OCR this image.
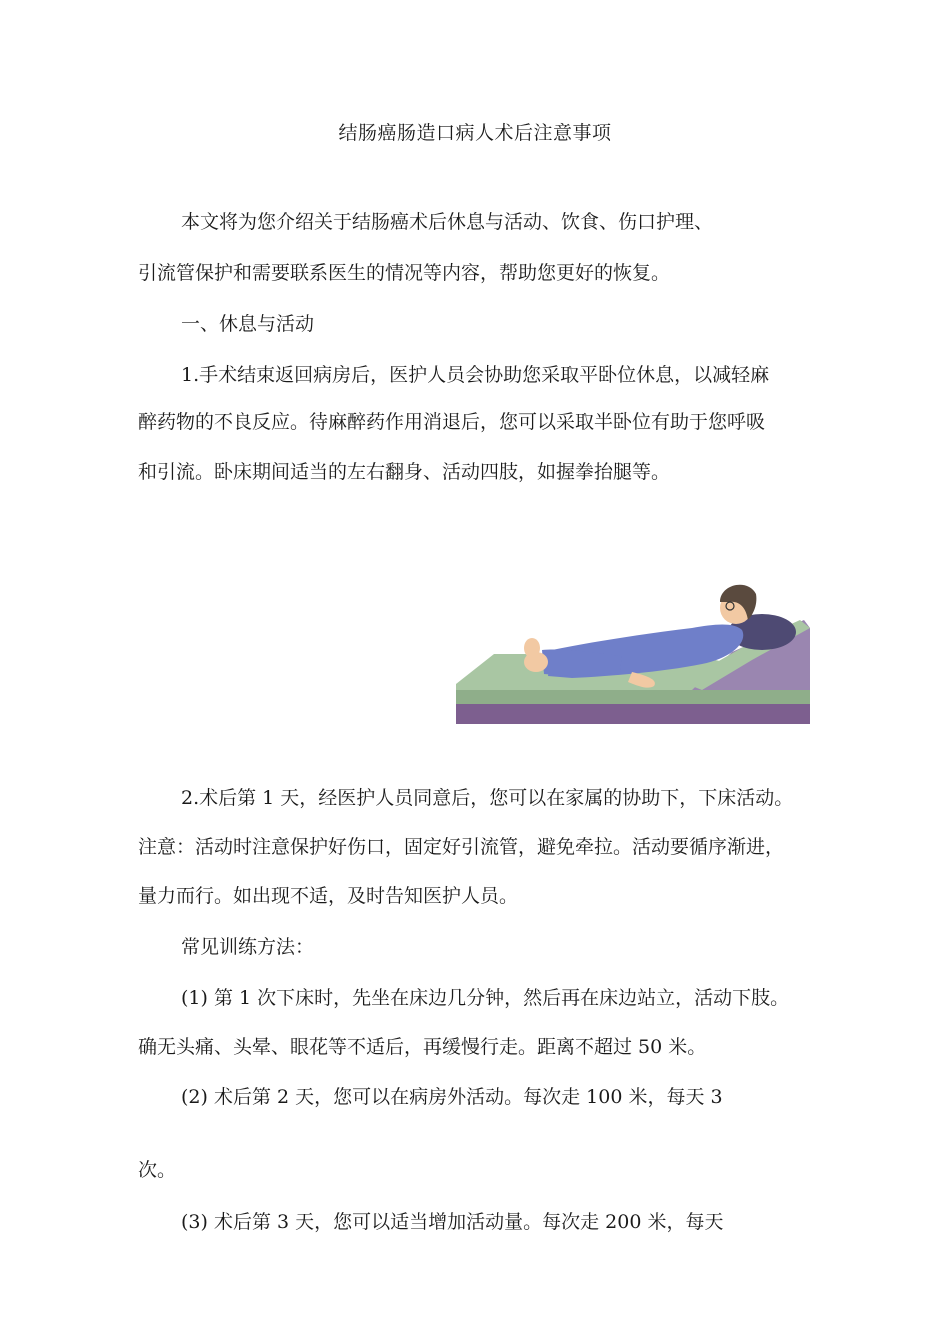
结肠癌肠造口病人术后注意事项
本文将为您介绍关于结肠癌术后休息与活动、饮食、伤口护理、
引流管保护和需要联系医生的情况等内容，帮助您更好的恢复。
一、休息与活动
1.手术结束返回病房后，医护人员会协助您采取平卧位休息，以减轻麻
醉药物的不良反应。待麻醉药作用消退后，您可以采取半卧位有助于您呼吸
和引流。卧床期间适当的左右翻身、活动四肢，如握拳抬腿等。
2.术后第 1 天，经医护人员同意后，您可以在家属的协助下，下床活动。
注意：活动时注意保护好伤口，固定好引流管，避免牵拉。活动要循序渐进，
量力而行。如出现不适，及时告知医护人员。
常见训练方法：
(1) 第 1 次下床时，先坐在床边几分钟，然后再在床边站立，活动下肢。
确无头痛、头晕、眼花等不适后，再缓慢行走。距离不超过 50 米。
(2) 术后第 2 天，您可以在病房外活动。每次走 100 米，每天 3
次。
(3) 术后第 3 天，您可以适当增加活动量。每次走 200 米，每天
